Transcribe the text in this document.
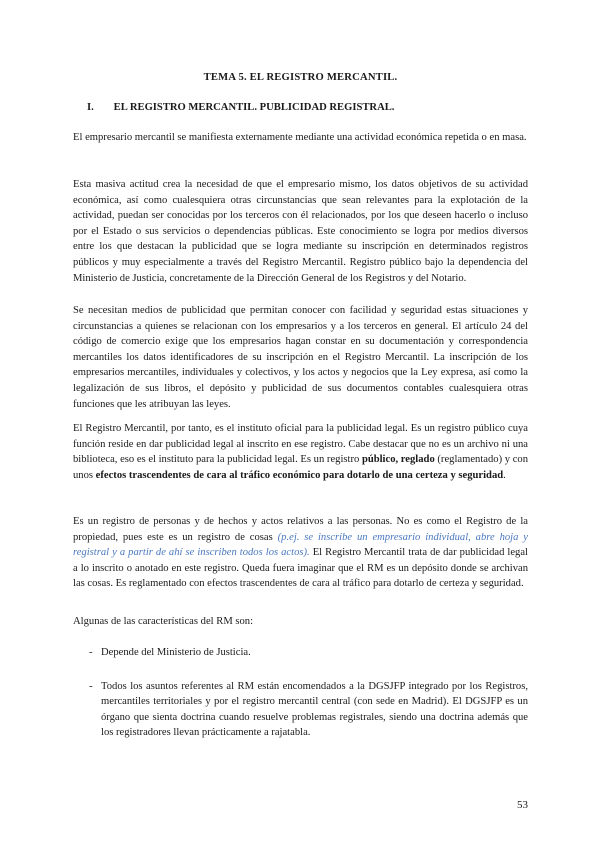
TEMA 5. EL REGISTRO MERCANTIL.
I. EL REGISTRO MERCANTIL. PUBLICIDAD REGISTRAL.

El empresario mercantil se manifiesta externamente mediante una actividad económica repetida o en masa.

Esta masiva actitud crea la necesidad de que el empresario mismo, los datos objetivos de su actividad económica, así como cualesquiera otras circunstancias que sean relevantes para la explotación de la actividad, puedan ser conocidas por los terceros con él relacionados, por los que deseen hacerlo o incluso por el Estado o sus servicios o dependencias públicas. Este conocimiento se logra por medios diversos entre los que destacan la publicidad que se logra mediante su inscripción en determinados registros públicos y muy especialmente a través del Registro Mercantil. Registro público bajo la dependencia del Ministerio de Justicia, concretamente de la Dirección General de los Registros y del Notario.

Se necesitan medios de publicidad que permitan conocer con facilidad y seguridad estas situaciones y circunstancias a quienes se relacionan con los empresarios y a los terceros en general. El artículo 24 del código de comercio exige que los empresarios hagan constar en su documentación y correspondencia mercantiles los datos identificadores de su inscripción en el Registro Mercantil. La inscripción de los empresarios mercantiles, individuales y colectivos, y los actos y negocios que la Ley expresa, así como la legalización de sus libros, el depósito y publicidad de sus documentos contables cualesquiera otras funciones que les atribuyan las leyes.

El Registro Mercantil, por tanto, es el instituto oficial para la publicidad legal. Es un registro público cuya función reside en dar publicidad legal al inscrito en ese registro. Cabe destacar que no es un archivo ni una biblioteca, eso es el instituto para la publicidad legal. Es un registro público, reglado (reglamentado) y con unos efectos trascendentes de cara al tráfico económico para dotarlo de una certeza y seguridad.

Es un registro de personas y de hechos y actos relativos a las personas. No es como el Registro de la propiedad, pues este es un registro de cosas (p.ej. se inscribe un empresario individual, abre hoja y registral y a partir de ahí se inscriben todos los actos). El Registro Mercantil trata de dar publicidad legal a lo inscrito o anotado en este registro. Queda fuera imaginar que el RM es un depósito donde se archivan las cosas. Es reglamentado con efectos trascendentes de cara al tráfico para dotarlo de certeza y seguridad.

Algunas de las características del RM son:

- Depende del Ministerio de Justicia.
- Todos los asuntos referentes al RM están encomendados a la DGSJFP integrado por los Registros, mercantiles territoriales y por el registro mercantil central (con sede en Madrid). El DGSJFP es un órgano que sienta doctrina cuando resuelve problemas registrales, siendo una doctrina además que los registradores llevan prácticamente a rajatabla.
53
